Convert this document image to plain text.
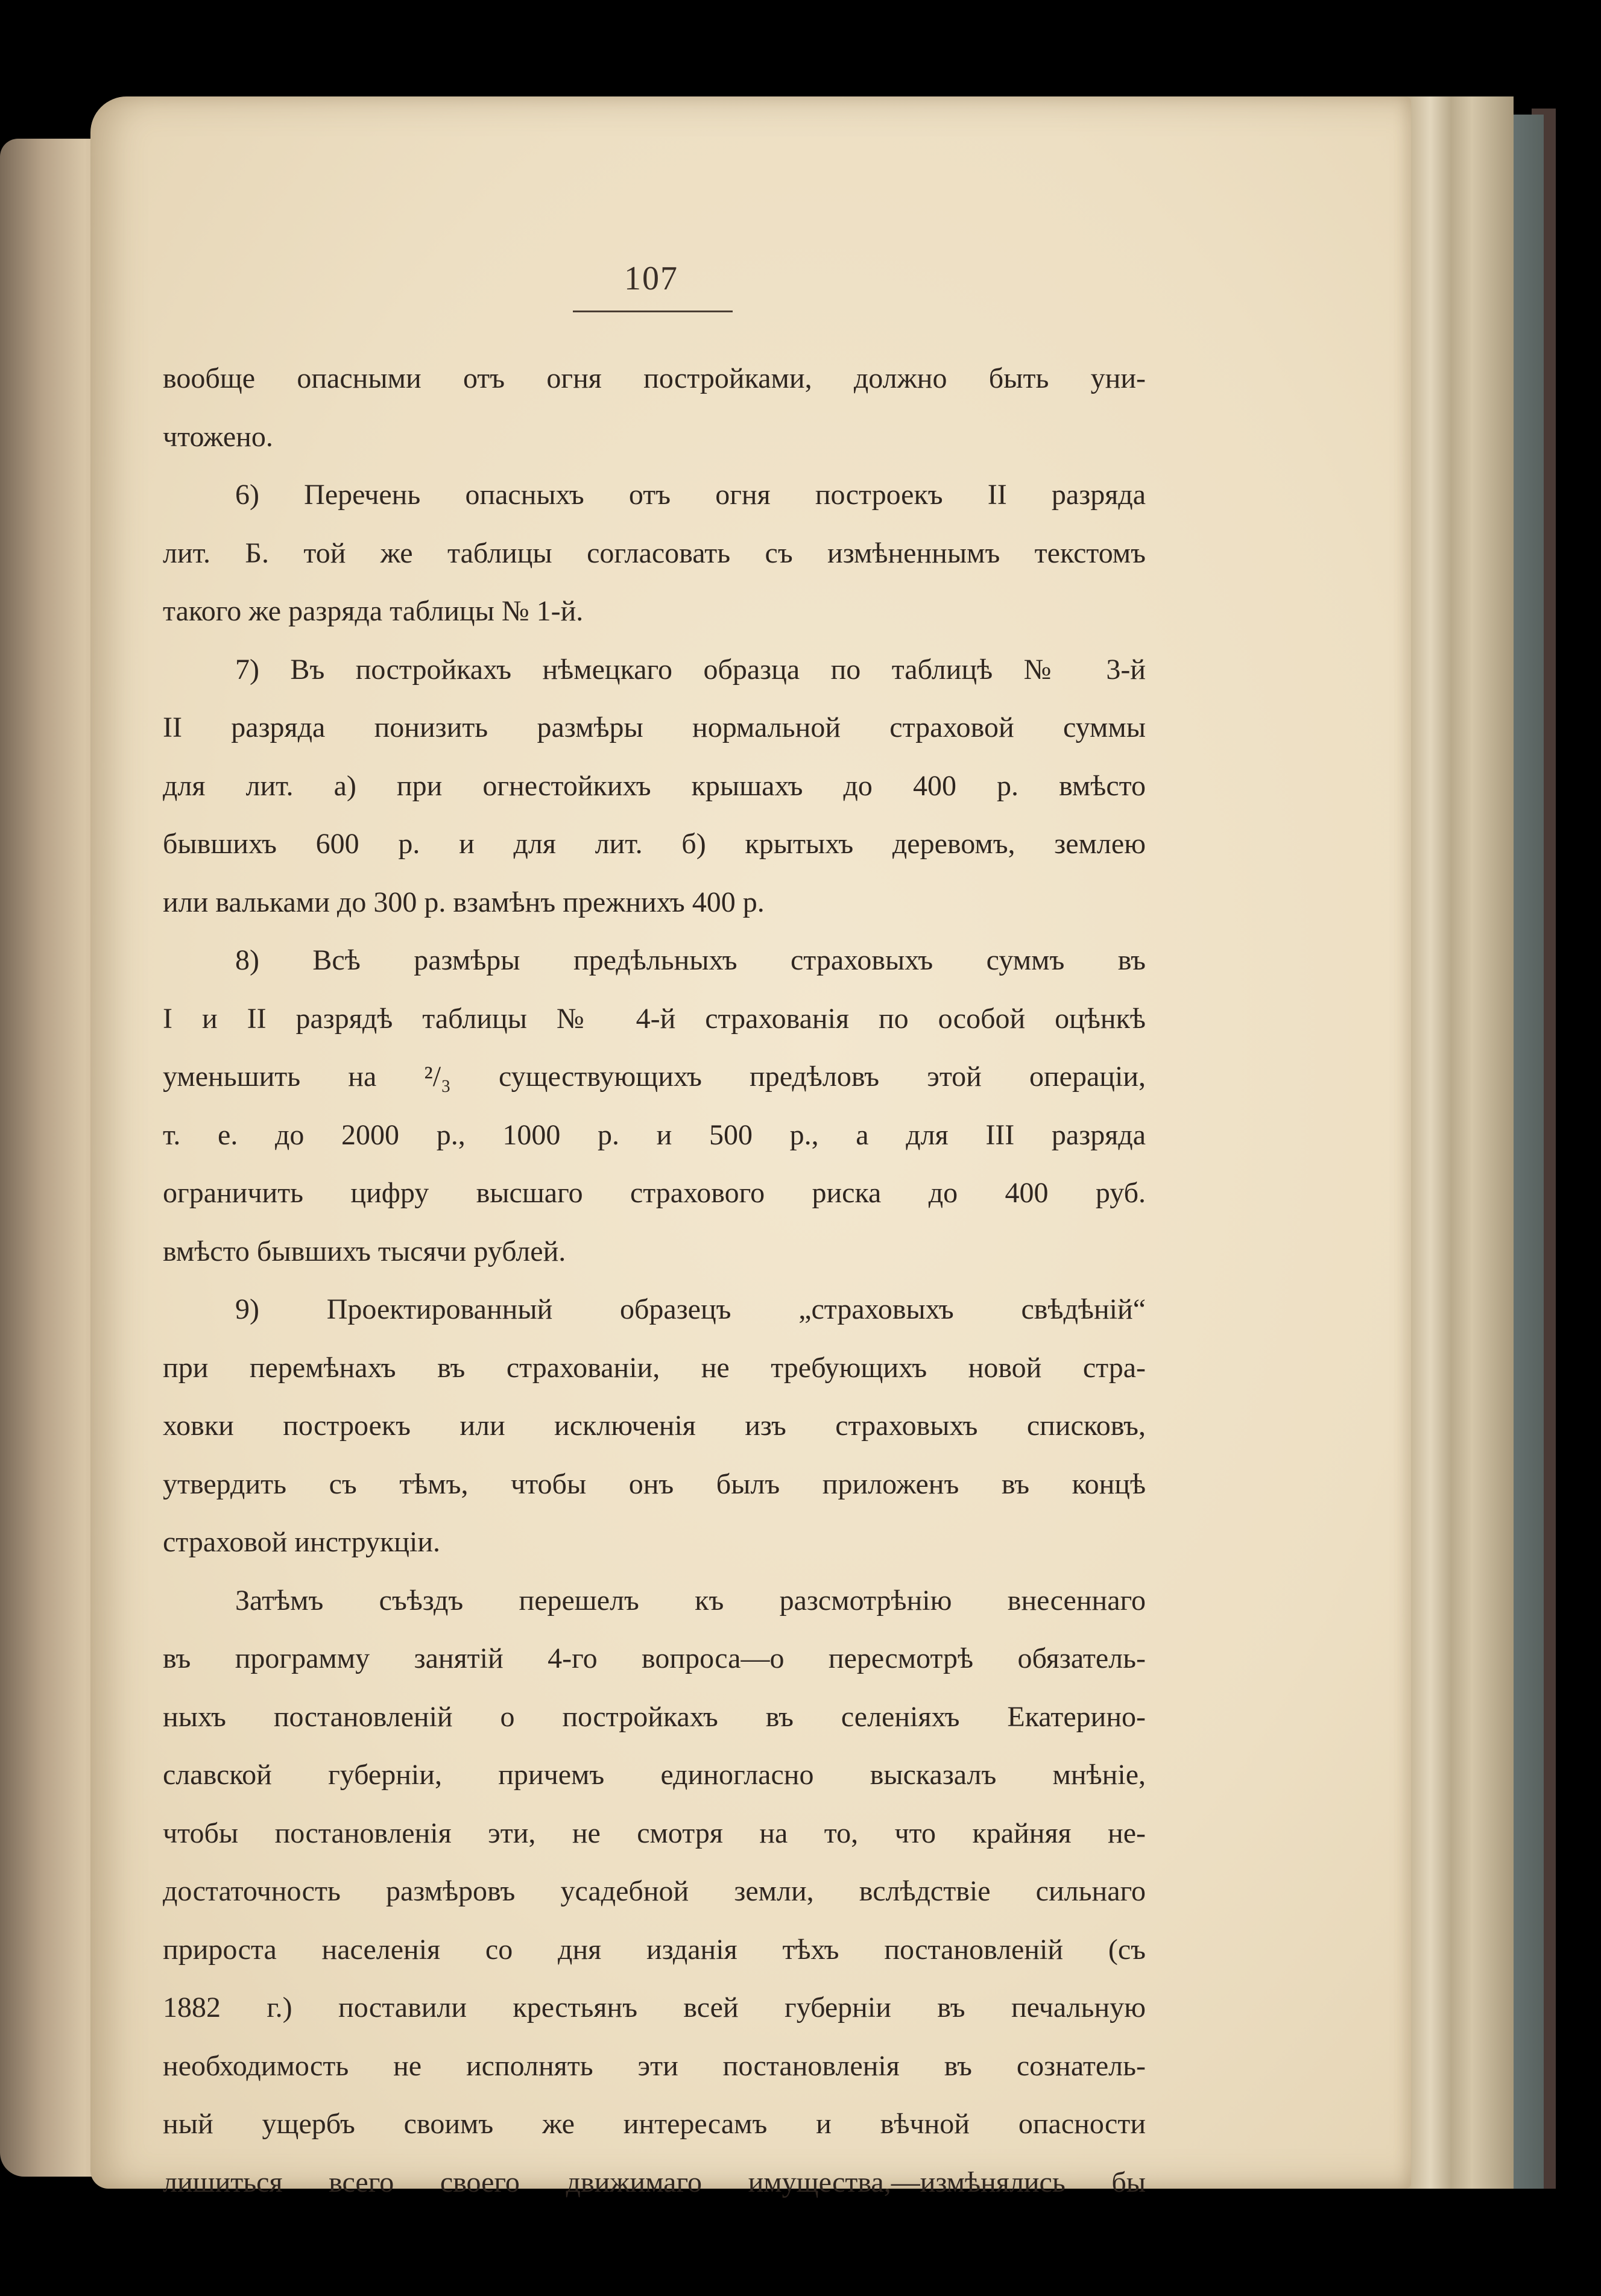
107
вообще опасными отъ огня постройками, должно быть уни-
чтожено.
6) Перечень опасныхъ отъ огня построекъ II разряда
лит. Б. той же таблицы согласовать съ измѣненнымъ текстомъ
такого же разряда таблицы № 1-й.
7) Въ постройкахъ нѣмецкаго образца по таблицѣ № 3-й
II разряда понизить размѣры нормальной страховой суммы
для лит. а) при огнестойкихъ крышахъ до 400 р. вмѣсто
бывшихъ 600 р. и для лит. б) крытыхъ деревомъ, землею
или вальками до 300 р. взамѣнъ прежнихъ 400 р.
8) Всѣ размѣры предѣльныхъ страховыхъ суммъ въ
I и II разрядѣ таблицы № 4-й страхованія по особой оцѣнкѣ
уменьшить на ²/₃ существующихъ предѣловъ этой операціи,
т. е. до 2000 р., 1000 р. и 500 р., а для III разряда
ограничить цифру высшаго страхового риска до 400 руб.
вмѣсто бывшихъ тысячи рублей.
9) Проектированный образецъ „страховыхъ свѣдѣній“
при перемѣнахъ въ страхованіи, не требующихъ новой стра-
ховки построекъ или исключенія изъ страховыхъ списковъ,
утвердить съ тѣмъ, чтобы онъ былъ приложенъ въ концѣ
страховой инструкціи.
Затѣмъ съѣздъ перешелъ къ разсмотрѣнію внесеннаго
въ программу занятій 4-го вопроса—о пересмотрѣ обязатель-
ныхъ постановленій о постройкахъ въ селеніяхъ Екатерино-
славской губерніи, причемъ единогласно высказалъ мнѣніе,
чтобы постановленія эти, не смотря на то, что крайняя не-
достаточность размѣровъ усадебной земли, вслѣдствіе сильнаго
прироста населенія со дня изданія тѣхъ постановленій (съ
1882 г.) поставили крестьянъ всей губерніи въ печальную
необходимость не исполнять эти постановленія въ сознатель-
ный ущербъ своимъ же интересамъ и вѣчной опасности
лишиться всего своего движимаго имущества,—измѣнялись бы
